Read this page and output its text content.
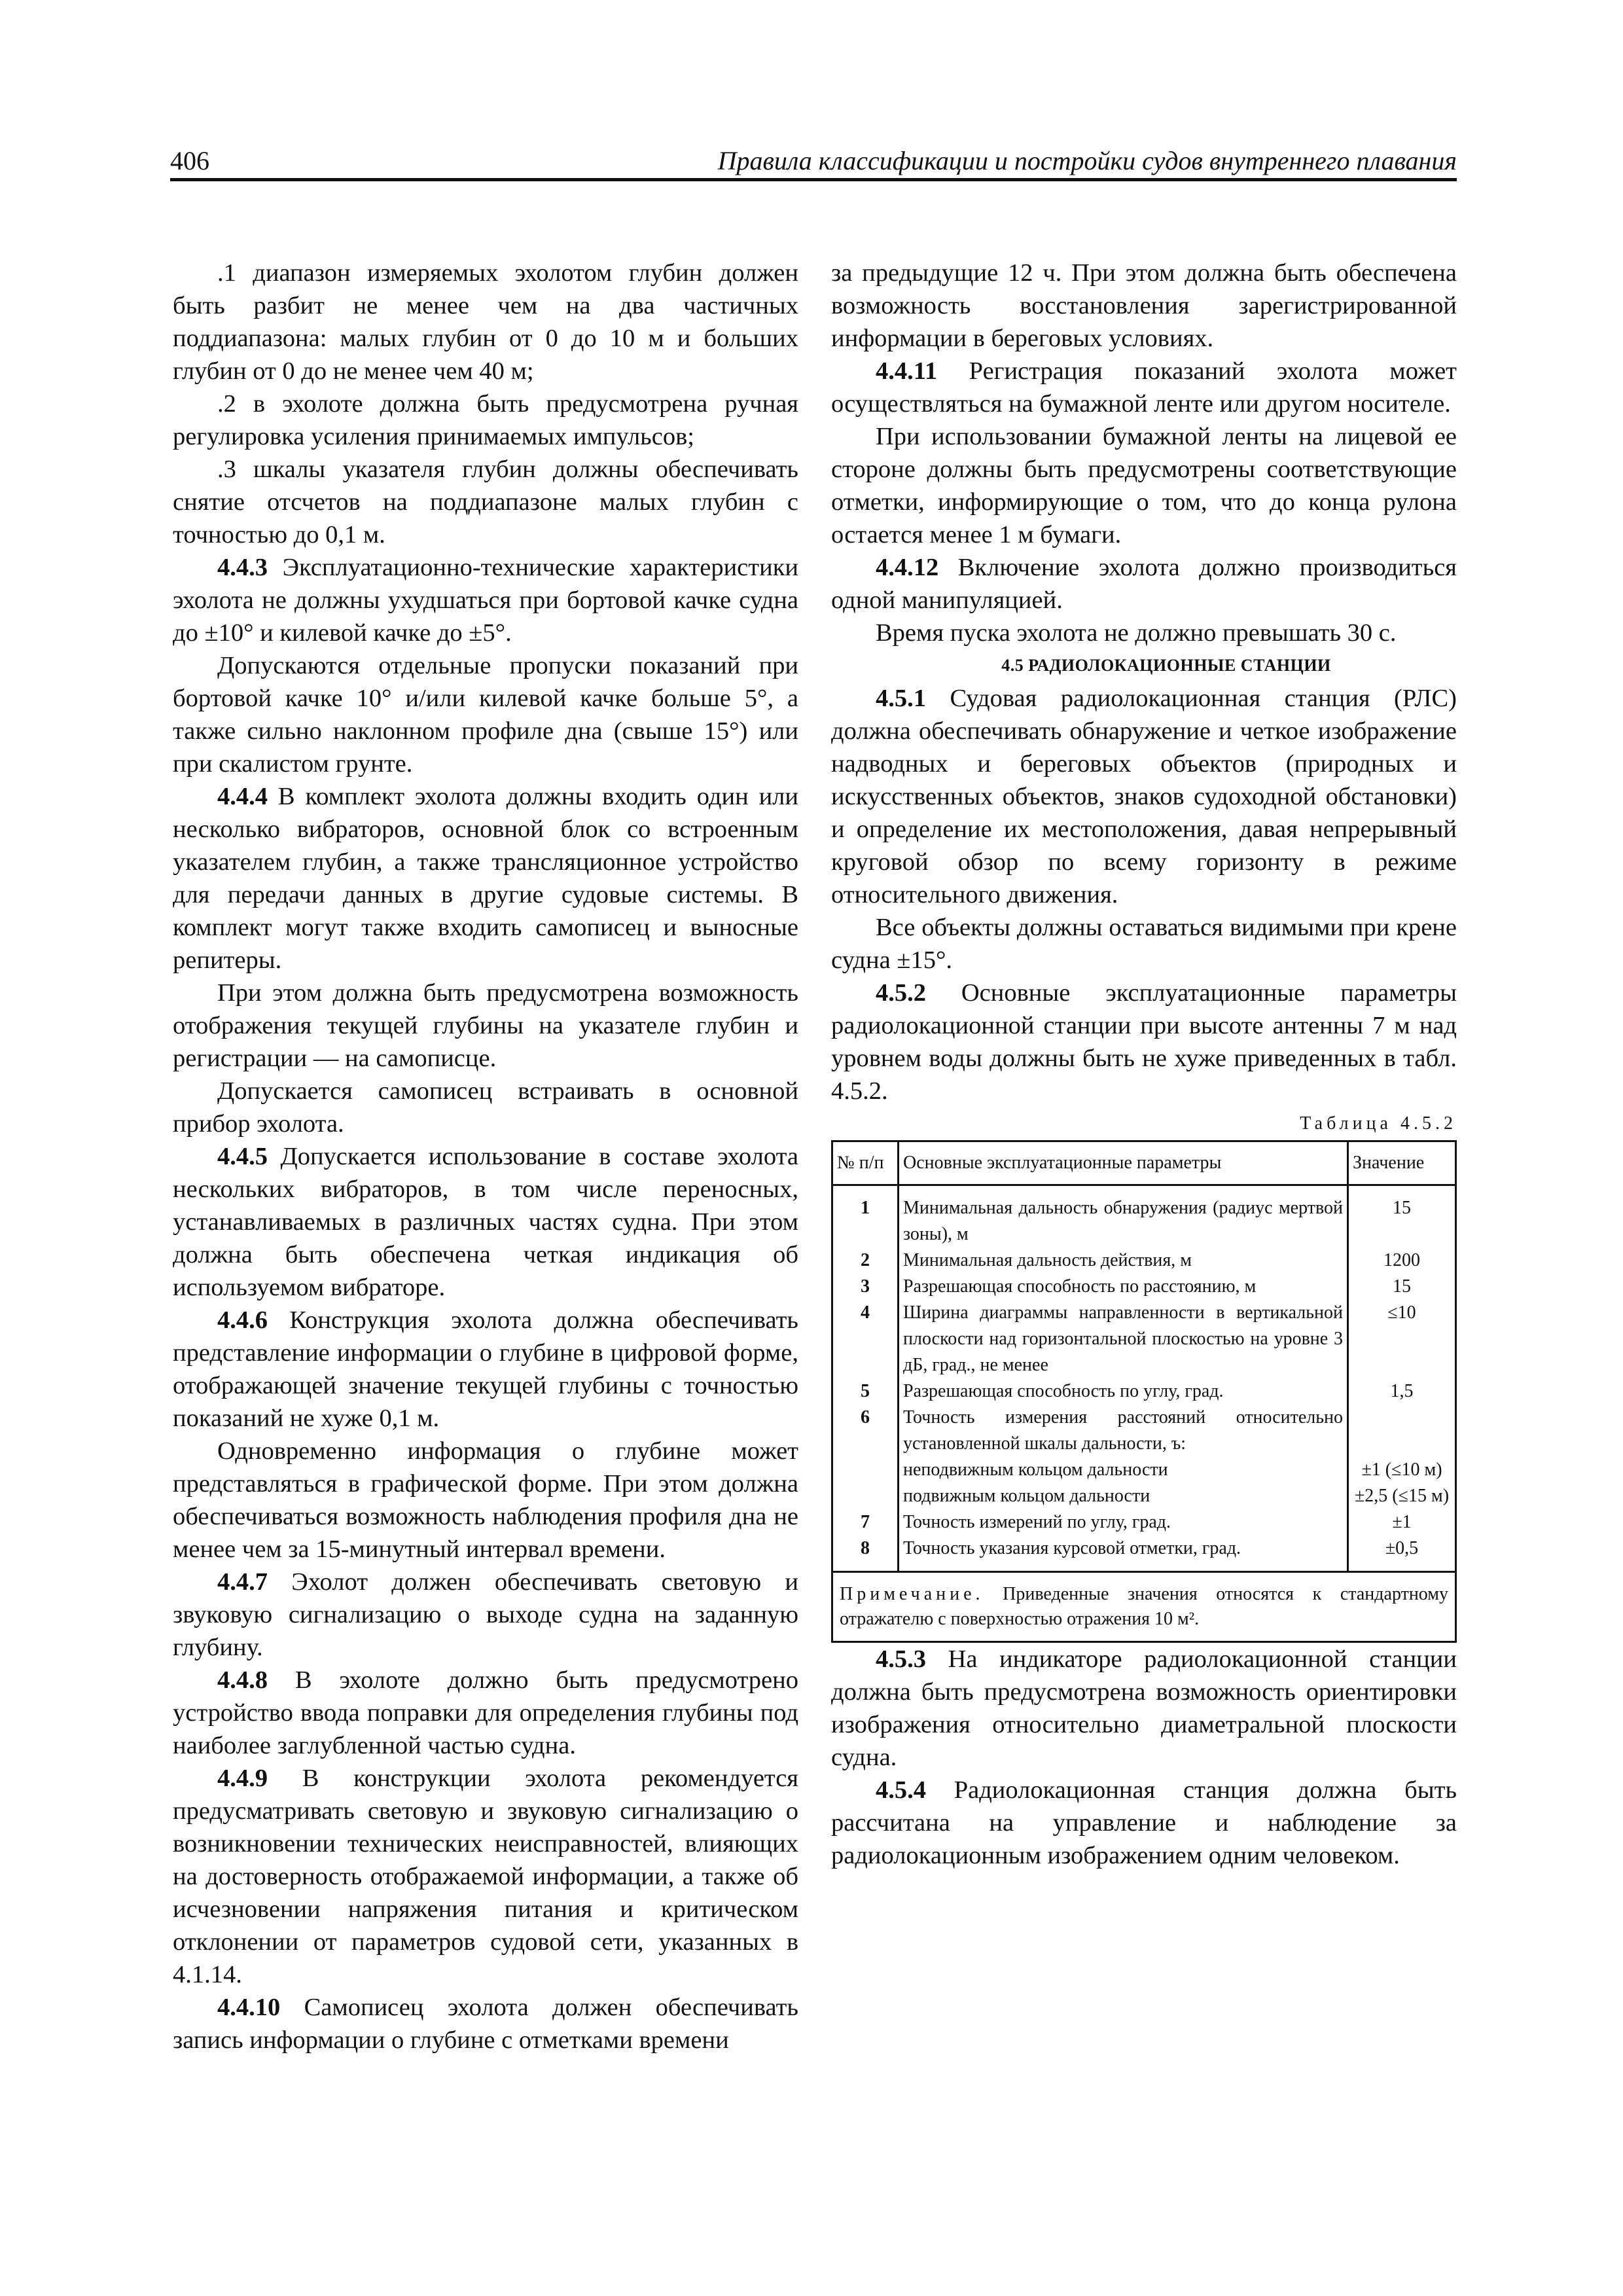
406	Правила классификации и постройки судов внутреннего плавания

.1 диапазон измеряемых эхолотом глубин должен быть разбит не менее чем на два частичных поддиапазона: малых глубин от 0 до 10 м и больших глубин от 0 до не менее чем 40 м;

.2 в эхолоте должна быть предусмотрена ручная регулировка усиления принимаемых импульсов;

.3 шкалы указателя глубин должны обеспечивать снятие отсчетов на поддиапазоне малых глубин с точностью до 0,1 м.

4.4.3 Эксплуатационно-технические характеристики эхолота не должны ухудшаться при бортовой качке судна до ±10° и килевой качке до ±5°.

Допускаются отдельные пропуски показаний при бортовой качке 10° и/или килевой качке больше 5°, а также сильно наклонном профиле дна (свыше 15°) или при скалистом грунте.

4.4.4 В комплект эхолота должны входить один или несколько вибраторов, основной блок со встроенным указателем глубин, а также трансляционное устройство для передачи данных в другие судовые системы. В комплект могут также входить самописец и выносные репитеры.

При этом должна быть предусмотрена возможность отображения текущей глубины на указателе глубин и регистрации — на самописце.

Допускается самописец встраивать в основной прибор эхолота.

4.4.5 Допускается использование в составе эхолота нескольких вибраторов, в том числе переносных, устанавливаемых в различных частях судна. При этом должна быть обеспечена четкая индикация об используемом вибраторе.

4.4.6 Конструкция эхолота должна обеспечивать представление информации о глубине в цифровой форме, отображающей значение текущей глубины с точностью показаний не хуже 0,1 м.

Одновременно информация о глубине может представляться в графической форме. При этом должна обеспечиваться возможность наблюдения профиля дна не менее чем за 15-минутный интервал времени.

4.4.7 Эхолот должен обеспечивать световую и звуковую сигнализацию о выходе судна на заданную глубину.

4.4.8 В эхолоте должно быть предусмотрено устройство ввода поправки для определения глубины под наиболее заглубленной частью судна.

4.4.9 В конструкции эхолота рекомендуется предусматривать световую и звуковую сигнализацию о возникновении технических неисправностей, влияющих на достоверность отображаемой информации, а также об исчезновении напряжения питания и критическом отклонении от параметров судовой сети, указанных в 4.1.14.

4.4.10 Самописец эхолота должен обеспечивать запись информации о глубине с отметками времени

за предыдущие 12 ч. При этом должна быть обеспечена возможность восстановления зарегистрированной информации в береговых условиях.

4.4.11 Регистрация показаний эхолота может осуществляться на бумажной ленте или другом носителе.

При использовании бумажной ленты на лицевой ее стороне должны быть предусмотрены соответствующие отметки, информирующие о том, что до конца рулона остается менее 1 м бумаги.

4.4.12 Включение эхолота должно производиться одной манипуляцией.

Время пуска эхолота не должно превышать 30 с.

4.5 РАДИОЛОКАЦИОННЫЕ СТАНЦИИ

4.5.1 Судовая радиолокационная станция (РЛС) должна обеспечивать обнаружение и четкое изображение надводных и береговых объектов (природных и искусственных объектов, знаков судоходной обстановки) и определение их местоположения, давая непрерывный круговой обзор по всему горизонту в режиме относительного движения.

Все объекты должны оставаться видимыми при крене судна ±15°.

4.5.2 Основные эксплуатационные параметры радиолокационной станции при высоте антенны 7 м над уровнем воды должны быть не хуже приведенных в табл. 4.5.2.

Таблица 4.5.2

№ п/п	Основные эксплуатационные параметры	Значение
1	Минимальная дальность обнаружения (радиус мертвой зоны), м	15
2	Минимальная дальность действия, м	1200
3	Разрешающая способность по расстоянию, м	15
4	Ширина диаграммы направленности в вертикальной плоскости над горизонтальной плоскостью на уровне 3 дБ, град., не менее	≤10
5	Разрешающая способность по углу, град.	1,5
6	Точность измерения расстояний относительно установленной шкалы дальности, ъ:	
	неподвижным кольцом дальности	±1 (≤10 м)
	подвижным кольцом дальности	±2,5 (≤15 м)
7	Точность измерений по углу, град.	±1
8	Точность указания курсовой отметки, град.	±0,5
Примечание. Приведенные значения относятся к стандартному отражателю с поверхностью отражения 10 м².		

4.5.3 На индикаторе радиолокационной станции должна быть предусмотрена возможность ориентировки изображения относительно диаметральной плоскости судна.

4.5.4 Радиолокационная станция должна быть рассчитана на управление и наблюдение за радиолокационным изображением одним человеком.
